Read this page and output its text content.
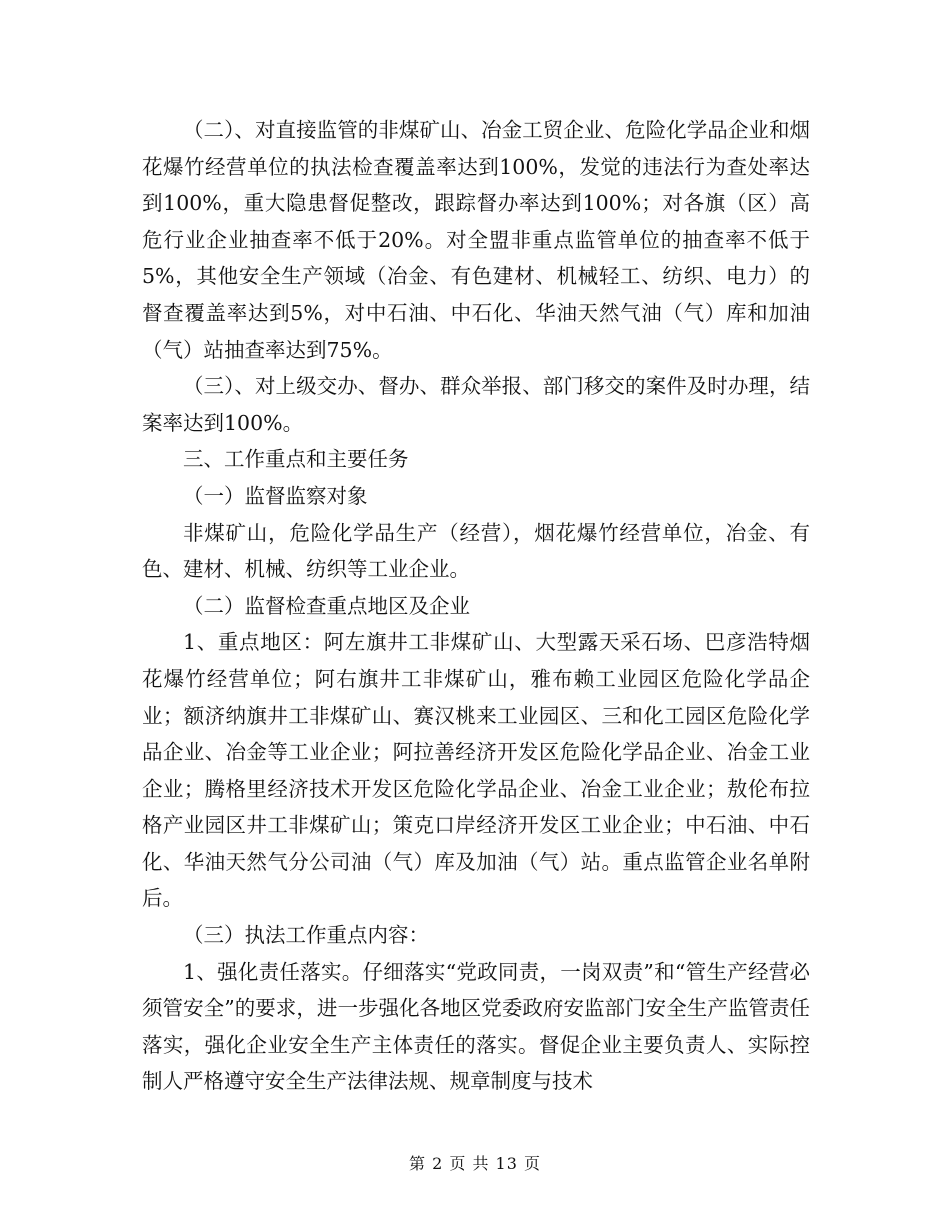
（二）、对直接监管的非煤矿山、冶金工贸企业、危险化学品企业和烟花爆竹经营单位的执法检查覆盖率达到100%，发觉的违法行为查处率达到100%，重大隐患督促整改，跟踪督办率达到100%；对各旗（区）高危行业企业抽查率不低于20%。对全盟非重点监管单位的抽查率不低于5%，其他安全生产领域（冶金、有色建材、机械轻工、纺织、电力）的督查覆盖率达到5%，对中石油、中石化、华油天然气油（气）库和加油（气）站抽查率达到75%。

（三）、对上级交办、督办、群众举报、部门移交的案件及时办理，结案率达到100%。

三、工作重点和主要任务

（一）监督监察对象

非煤矿山，危险化学品生产（经营），烟花爆竹经营单位，冶金、有色、建材、机械、纺织等工业企业。

（二）监督检查重点地区及企业

1、重点地区：阿左旗井工非煤矿山、大型露天采石场、巴彦浩特烟花爆竹经营单位；阿右旗井工非煤矿山，雅布赖工业园区危险化学品企业；额济纳旗井工非煤矿山、赛汉桃来工业园区、三和化工园区危险化学品企业、冶金等工业企业；阿拉善经济开发区危险化学品企业、冶金工业企业；腾格里经济技术开发区危险化学品企业、冶金工业企业；敖伦布拉格产业园区井工非煤矿山；策克口岸经济开发区工业企业；中石油、中石化、华油天然气分公司油（气）库及加油（气）站。重点监管企业名单附后。

（三）执法工作重点内容：

1、强化责任落实。仔细落实“党政同责，一岗双责”和“管生产经营必须管安全”的要求，进一步强化各地区党委政府安监部门安全生产监管责任落实，强化企业安全生产主体责任的落实。督促企业主要负责人、实际控制人严格遵守安全生产法律法规、规章制度与技术

第 2 页 共 13 页
